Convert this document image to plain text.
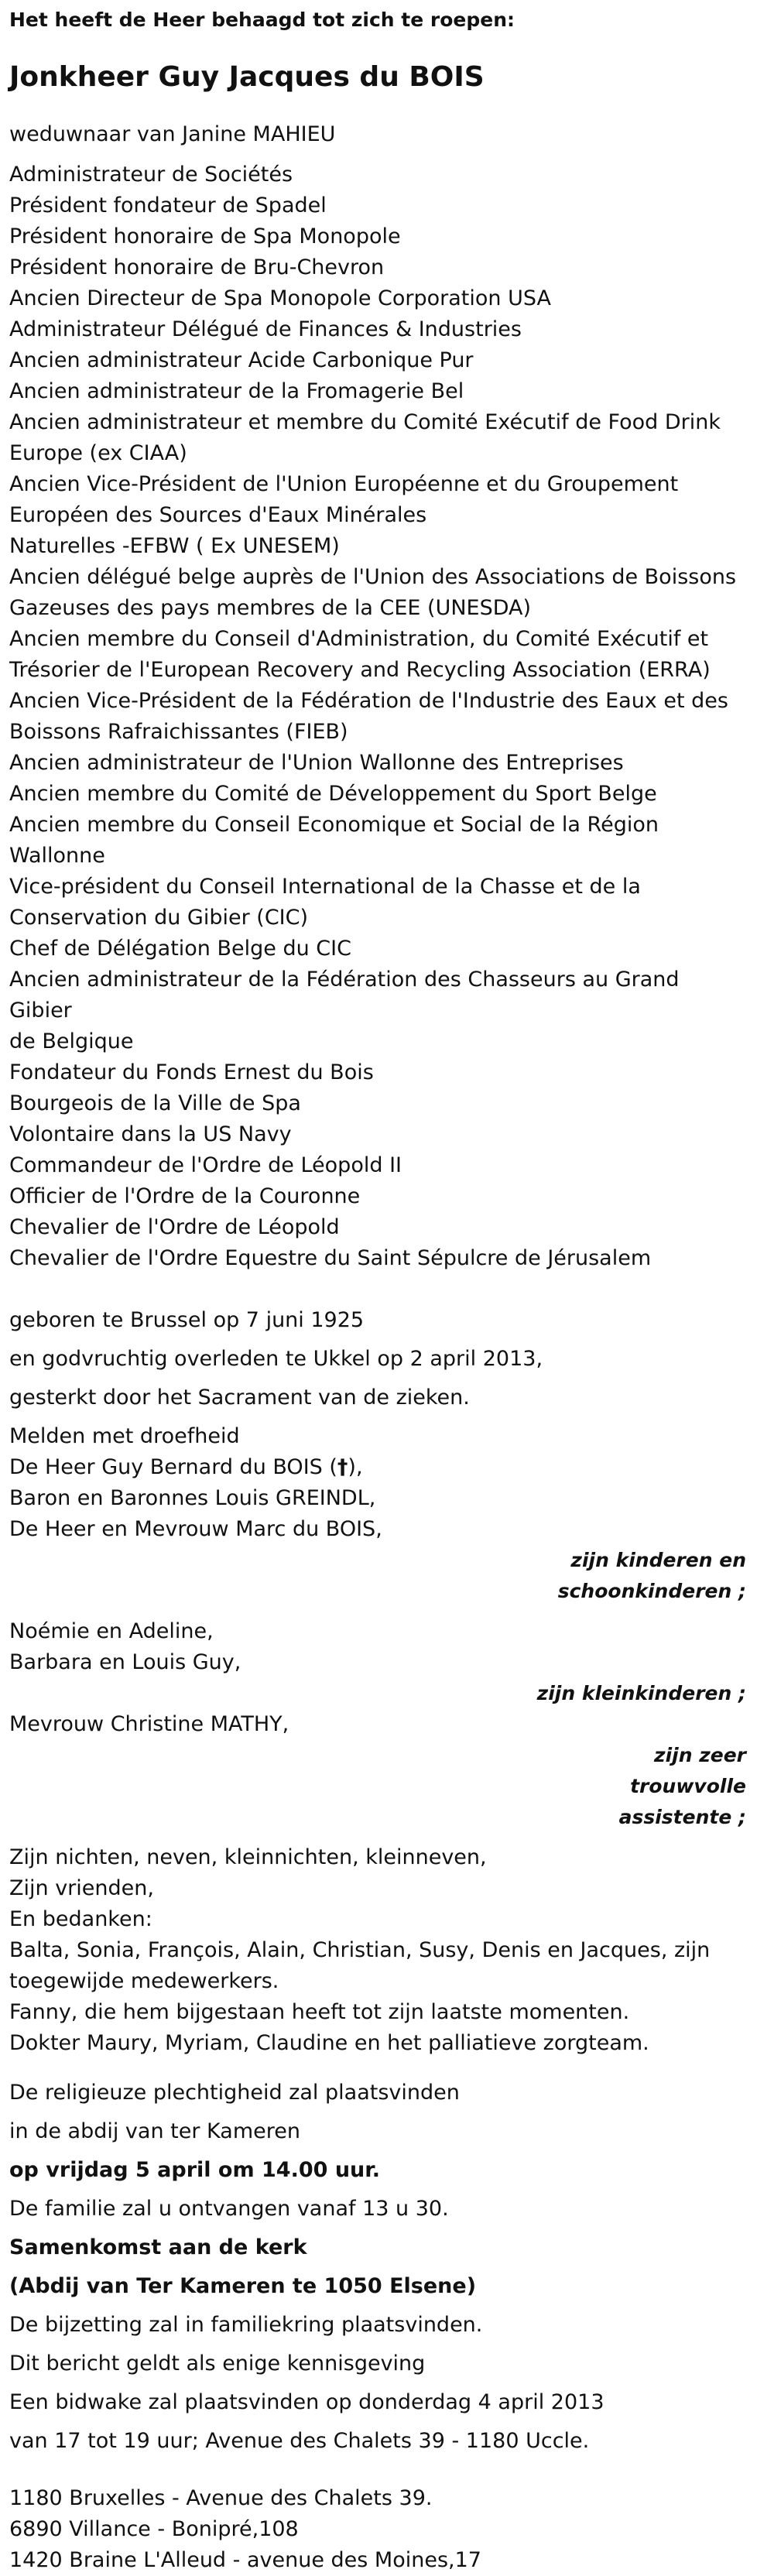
Het heeft de Heer behaagd tot zich te roepen:
Jonkheer Guy Jacques du BOIS
weduwnaar van Janine MAHIEU
Administrateur de Sociétés
Président fondateur de Spadel
Président honoraire de Spa Monopole
Président honoraire de Bru-Chevron
Ancien Directeur de Spa Monopole Corporation USA
Administrateur Délégué de Finances & Industries
Ancien administrateur Acide Carbonique Pur
Ancien administrateur de la Fromagerie Bel
Ancien administrateur et membre du Comité Exécutif de Food Drink
Europe (ex CIAA)
Ancien Vice-Président de l'Union Européenne et du Groupement
Européen des Sources d'Eaux Minérales
Naturelles -EFBW ( Ex UNESEM)
Ancien délégué belge auprès de l'Union des Associations de Boissons
Gazeuses des pays membres de la CEE (UNESDA)
Ancien membre du Conseil d'Administration, du Comité Exécutif et
Trésorier de l'European Recovery and Recycling Association (ERRA)
Ancien Vice-Président de la Fédération de l'Industrie des Eaux et des
Boissons Rafraichissantes (FIEB)
Ancien administrateur de l'Union Wallonne des Entreprises
Ancien membre du Comité de Développement du Sport Belge
Ancien membre du Conseil Economique et Social de la Région Wallonne
Vice-président du Conseil International de la Chasse et de la
Conservation du Gibier (CIC)
Chef de Délégation Belge du CIC
Ancien administrateur de la Fédération des Chasseurs au Grand Gibier
de Belgique
Fondateur du Fonds Ernest du Bois
Bourgeois de la Ville de Spa
Volontaire dans la US Navy
Commandeur de l'Ordre de Léopold II
Officier de l'Ordre de la Couronne
Chevalier de l'Ordre de Léopold
Chevalier de l'Ordre Equestre du Saint Sépulcre de Jérusalem
geboren te Brussel op 7 juni 1925
en godvruchtig overleden te Ukkel op 2 april 2013,
gesterkt door het Sacrament van de zieken.
Melden met droefheid
De Heer Guy Bernard du BOIS (†),
Baron en Baronnes Louis GREINDL,
De Heer en Mevrouw Marc du BOIS,
zijn kinderen en
schoonkinderen ;
Noémie en Adeline,
Barbara en Louis Guy,
zijn kleinkinderen ;
Mevrouw Christine MATHY,
zijn zeer
trouwvolle
assistente ;
Zijn nichten, neven, kleinnichten, kleinneven,
Zijn vrienden,
En bedanken:
Balta, Sonia, François, Alain, Christian, Susy, Denis en Jacques, zijn
toegewijde medewerkers.
Fanny, die hem bijgestaan heeft tot zijn laatste momenten.
Dokter Maury, Myriam, Claudine en het palliatieve zorgteam.
De religieuze plechtigheid zal plaatsvinden
in de abdij van ter Kameren
op vrijdag 5 april om 14.00 uur.
De familie zal u ontvangen vanaf 13 u 30.
Samenkomst aan de kerk
(Abdij van Ter Kameren te 1050 Elsene)
De bijzetting zal in familiekring plaatsvinden.
Dit bericht geldt als enige kennisgeving
Een bidwake zal plaatsvinden op donderdag 4 april 2013
van 17 tot 19 uur; Avenue des Chalets 39 - 1180 Uccle.
1180 Bruxelles - Avenue des Chalets 39.
6890 Villance - Bonipré,108
1420 Braine L'Alleud - avenue des Moines,17
